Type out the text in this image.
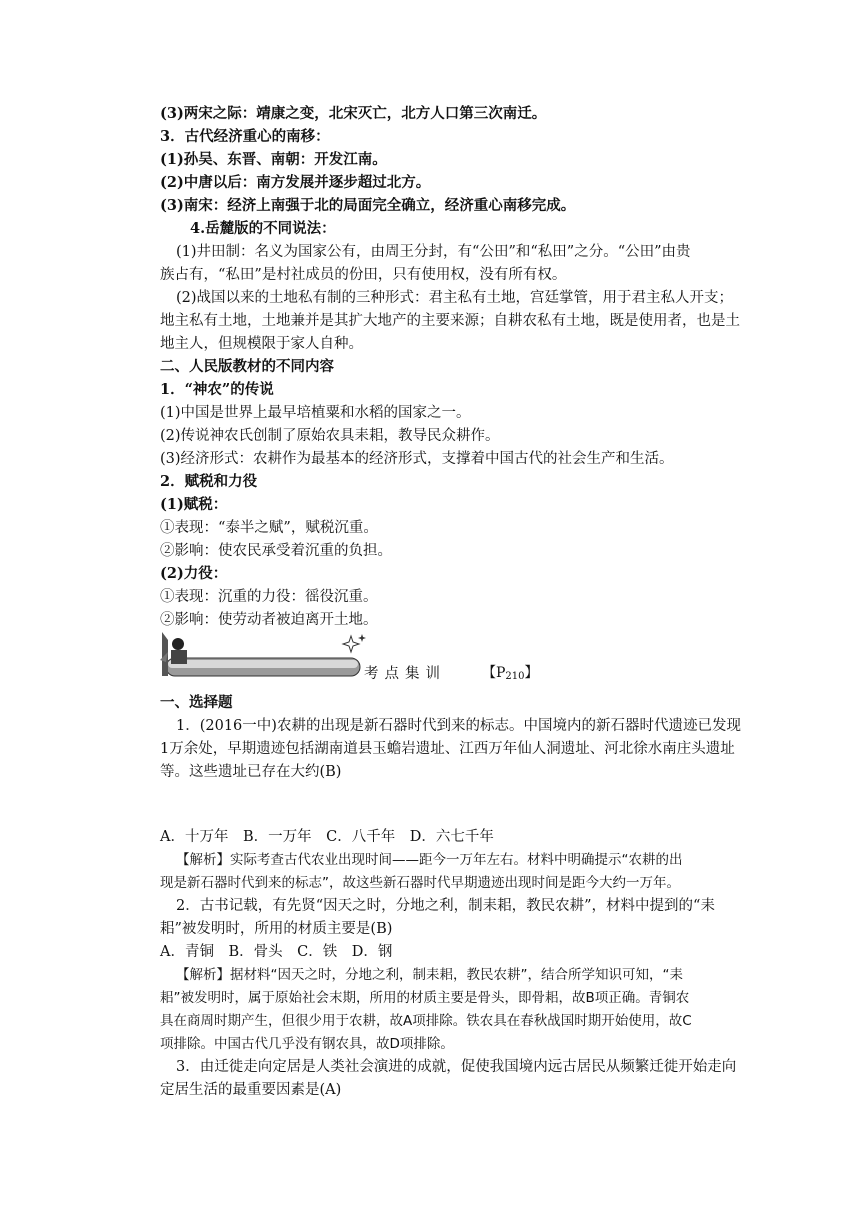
(3)两宋之际：靖康之变，北宋灭亡，北方人口第三次南迁。
3．古代经济重心的南移：
(1)孙吴、东晋、南朝：开发江南。
(2)中唐以后：南方发展并逐步超过北方。
(3)南宋：经济上南强于北的局面完全确立，经济重心南移完成。
4.岳麓版的不同说法：
(1)井田制：名义为国家公有，由周王分封，有“公田”和“私田”之分。“公田”由贵
族占有，“私田”是村社成员的份田，只有使用权，没有所有权。
(2)战国以来的土地私有制的三种形式：君主私有土地，宫廷掌管，用于君主私人开支；
地主私有土地，土地兼并是其扩大地产的主要来源；自耕农私有土地，既是使用者，也是土
地主人，但规模限于家人自种。
二、人民版教材的不同内容
1．“神农”的传说
(1)中国是世界上最早培植粟和水稻的国家之一。
(2)传说神农氏创制了原始农具耒耜，教导民众耕作。
(3)经济形式：农耕作为最基本的经济形式，支撑着中国古代的社会生产和生活。
2．赋税和力役
(1)赋税：
①表现：“泰半之赋”，赋税沉重。
②影响：使农民承受着沉重的负担。
(2)力役：
①表现：沉重的力役：徭役沉重。
②影响：使劳动者被迫离开土地。
考点集训	【$P_{210}$】
一、选择题
1．(2016一中)农耕的出现是新石器时代到来的标志。中国境内的新石器时代遗迹已发现
1万余处，早期遗迹包括湖南道县玉蟾岩遗址、江西万年仙人洞遗址、河北徐水南庄头遗址
等。这些遗址已存在大约(B)
A．十万年　B．一万年　C．八千年　D．六七千年
【解析】实际考查古代农业出现时间——距今一万年左右。材料中明确提示“农耕的出
现是新石器时代到来的标志”，故这些新石器时代早期遗迹出现时间是距今大约一万年。
2．古书记载，有先贤“因天之时，分地之利，制耒耜，教民农耕”，材料中提到的“耒
耜”被发明时，所用的材质主要是(B)
A．青铜　B．骨头　C．铁　D．钢
【解析】据材料“因天之时，分地之利，制耒耜，教民农耕”，结合所学知识可知，“耒
耜”被发明时，属于原始社会末期，所用的材质主要是骨头，即骨耜，故B项正确。青铜农
具在商周时期产生，但很少用于农耕，故A项排除。铁农具在春秋战国时期开始使用，故C
项排除。中国古代几乎没有钢农具，故D项排除。
3．由迁徙走向定居是人类社会演进的成就，促使我国境内远古居民从频繁迁徙开始走向
定居生活的最重要因素是(A)
